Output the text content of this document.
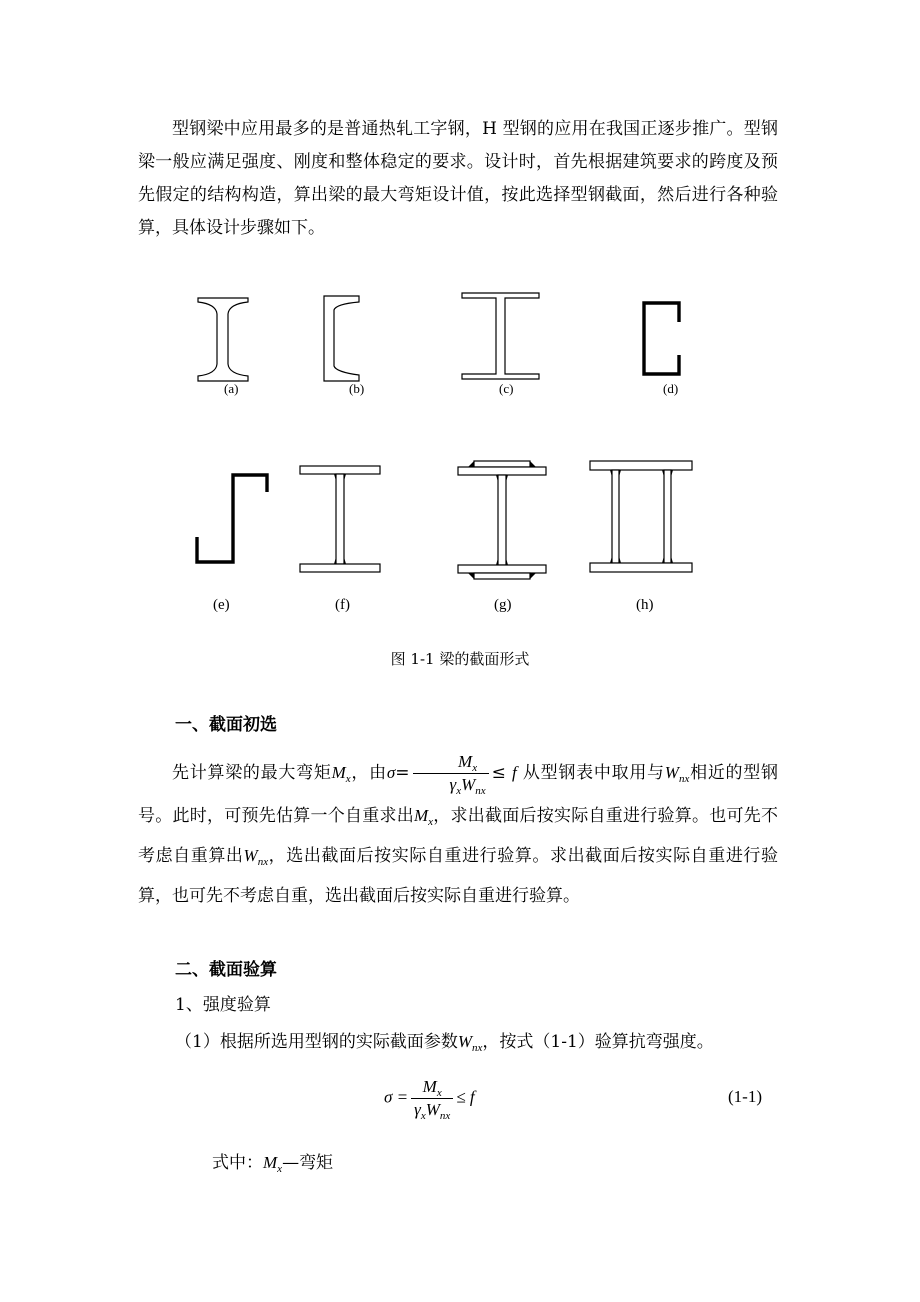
型钢梁中应用最多的是普通热轧工字钢，H 型钢的应用在我国正逐步推广。型钢梁一般应满足强度、刚度和整体稳定的要求。设计时，首先根据建筑要求的跨度及预先假定的结构构造，算出梁的最大弯矩设计值，按此选择型钢截面，然后进行各种验算，具体设计步骤如下。

(a)	(b)	(c)	(d)
(e)	(f)	(g)	(h)
图 1-1 梁的截面形式

一、截面初选

先计算梁的最大弯矩$M_x$，由$\sigma= \frac{M_x}{\gamma_xW_{nx}} \le f$ 从型钢表中取用与$W_{nx}$相近的型钢号。此时，可预先估算一个自重求出$M_x$，求出截面后按实际自重进行验算。也可先不考虑自重算出$W_{nx}$，选出截面后按实际自重进行验算。求出截面后按实际自重进行验算，也可先不考虑自重，选出截面后按实际自重进行验算。

二、截面验算

1、强度验算

（1）根据所选用型钢的实际截面参数$W_{nx}$，按式（1-1）验算抗弯强度。

$\sigma = \frac{M_x}{\gamma_xW_{nx}} \le f$	(1-1)

式中：$M_x—$弯矩
